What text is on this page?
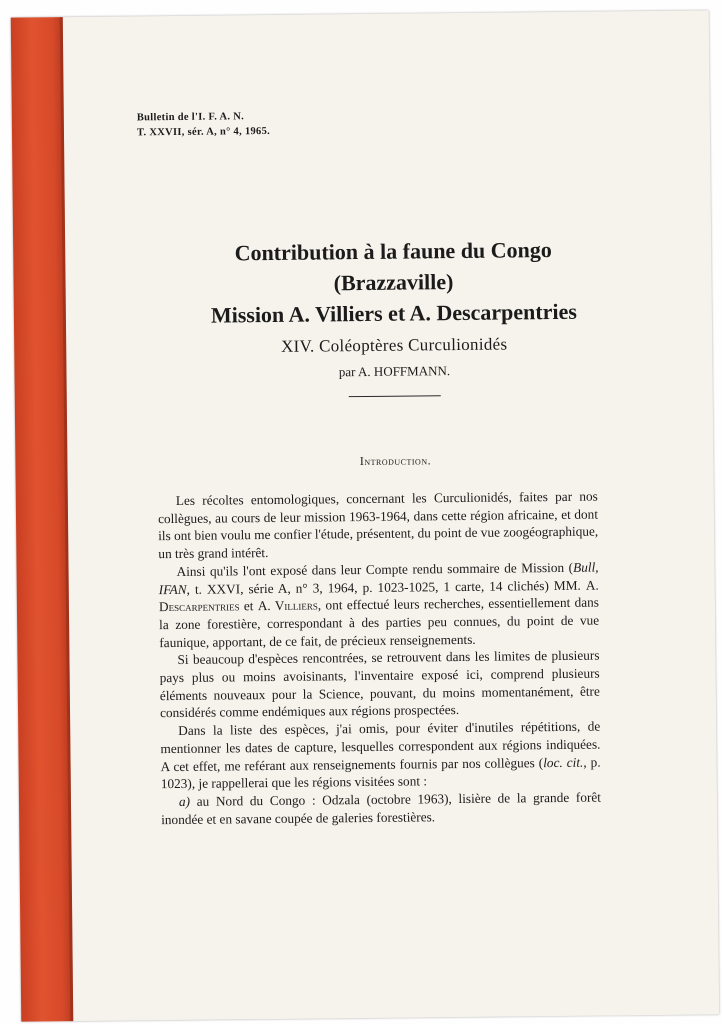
Bulletin de l'I. F. A. N.
T. XXVII, sér. A, n° 4, 1965.
Contribution à la faune du Congo
(Brazzaville)
Mission A. Villiers et A. Descarpentries
XIV. Coléoptères Curculionidés
par A. HOFFMANN.
Introduction.

Les récoltes entomologiques, concernant les Curculionidés, faites par nos collègues, au cours de leur mission 1963-1964, dans cette région africaine, et dont ils ont bien voulu me confier l'étude, présentent, du point de vue zoogéographique, un très grand intérêt.

Ainsi qu'ils l'ont exposé dans leur Compte rendu sommaire de Mission (Bull, IFAN, t. XXVI, série A, n° 3, 1964, p. 1023-1025, 1 carte, 14 clichés) MM. A. Descarpentries et A. Villiers, ont effectué leurs recherches, essentiellement dans la zone forestière, correspondant à des parties peu connues, du point de vue faunique, apportant, de ce fait, de précieux renseignements.

Si beaucoup d'espèces rencontrées, se retrouvent dans les limites de plusieurs pays plus ou moins avoisinants, l'inventaire exposé ici, comprend plusieurs éléments nouveaux pour la Science, pouvant, du moins momentanément, être considérés comme endémiques aux régions prospectées.

Dans la liste des espèces, j'ai omis, pour éviter d'inutiles répétitions, de mentionner les dates de capture, lesquelles correspondent aux régions indiquées. A cet effet, me reférant aux renseignements fournis par nos collègues (loc. cit., p. 1023), je rappellerai que les régions visitées sont :

a) au Nord du Congo : Odzala (octobre 1963), lisière de la grande forêt inondée et en savane coupée de galeries forestières.
